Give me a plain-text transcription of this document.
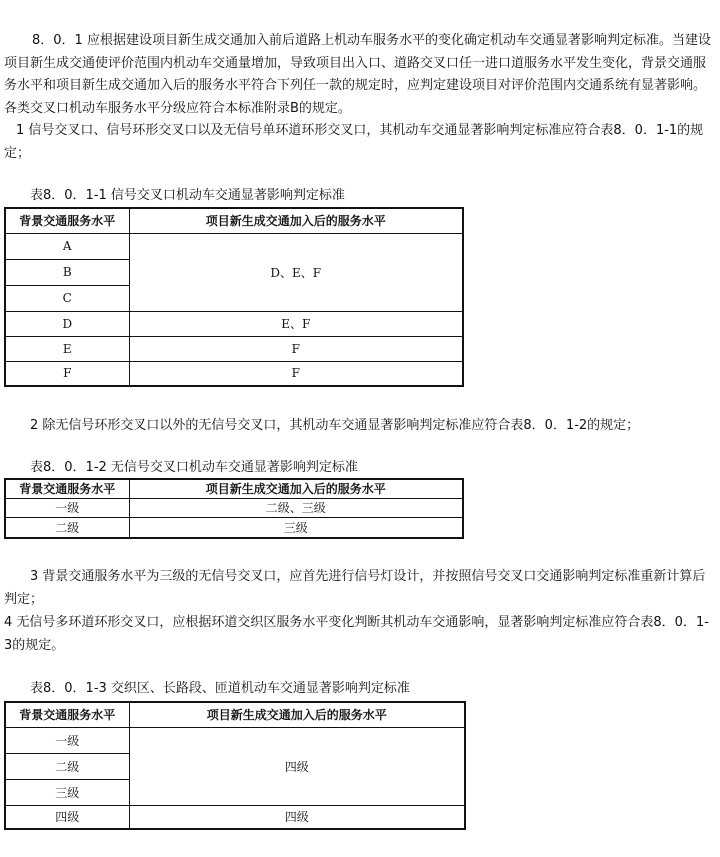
8．0．1 应根据建设项目新生成交通加入前后道路上机动车服务水平的变化确定机动车交通显著影响判定标准。当建设项目新生成交通使评价范围内机动车交通量增加，导致项目出入口、道路交叉口任一进口道服务水平发生变化，背景交通服务水平和项目新生成交通加入后的服务水平符合下列任一款的规定时，应判定建设项目对评价范围内交通系统有显著影响。各类交叉口机动车服务水平分级应符合本标准附录B的规定。

1 信号交叉口、信号环形交叉口以及无信号单环道环形交叉口，其机动车交通显著影响判定标准应符合表8．0．1-1的规定；

表8．0．1-1 信号交叉口机动车交通显著影响判定标准

背景交通服务水平	项目新生成交通加入后的服务水平
A	D、E、F
B	
C	
D	E、F
E	F
F	F

2 除无信号环形交叉口以外的无信号交叉口，其机动车交通显著影响判定标准应符合表8．0．1-2的规定；

表8．0．1-2 无信号交叉口机动车交通显著影响判定标准

背景交通服务水平	项目新生成交通加入后的服务水平
一级	二级、三级
二级	三级

3 背景交通服务水平为三级的无信号交叉口，应首先进行信号灯设计，并按照信号交叉口交通影响判定标准重新计算后判定；

4 无信号多环道环形交叉口，应根据环道交织区服务水平变化判断其机动车交通影响，显著影响判定标准应符合表8．0．1-3的规定。

表8．0．1-3 交织区、长路段、匝道机动车交通显著影响判定标准

背景交通服务水平	项目新生成交通加入后的服务水平
一级	四级
二级	
三级	
四级	四级
